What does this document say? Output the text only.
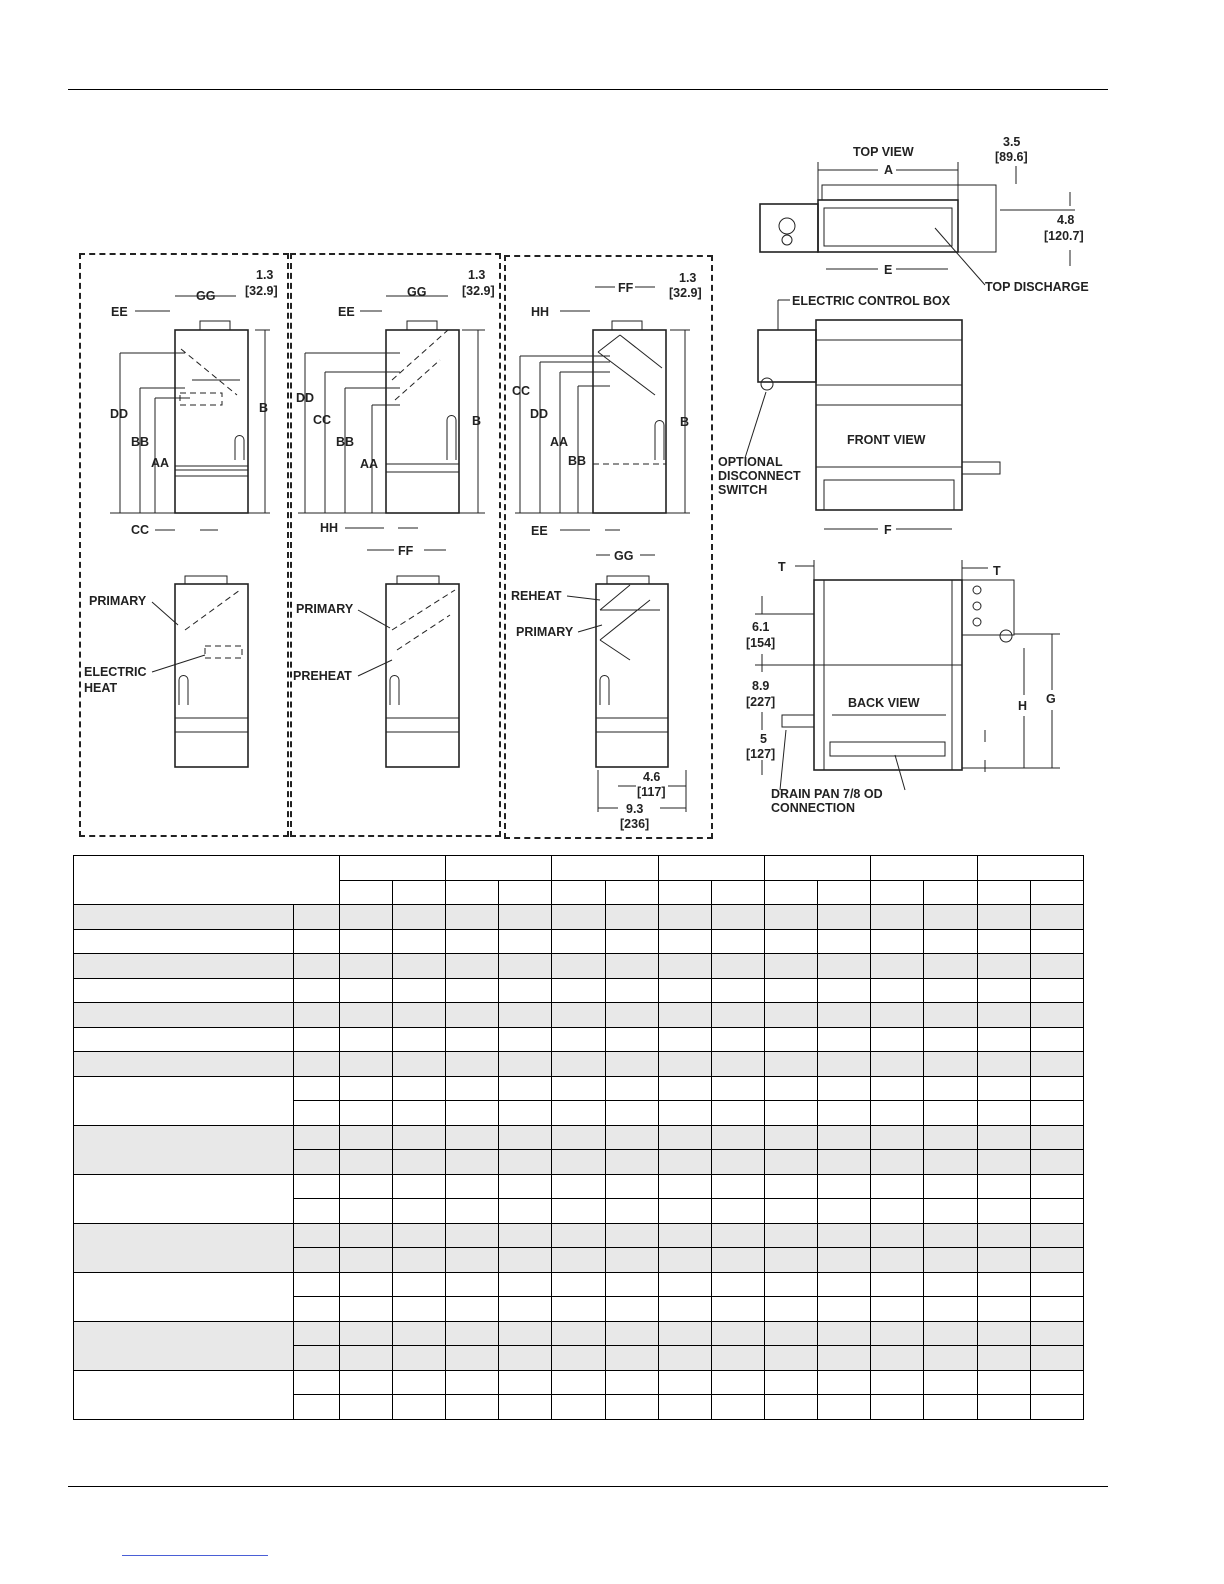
1.3
[32.9]
GG
EE
DD
BB
AA
B
CC
PRIMARY
ELECTRIC
HEAT
1.3
[32.9]
GG
EE
DD
CC
BB
AA
B
HH
FF
PRIMARY
PREHEAT
FF
1.3
[32.9]
HH
CC
DD
AA
BB
B
EE
GG
REHEAT
PRIMARY
4.6
[117]
9.3
[236]
TOP VIEW
A
3.5
[89.6]
4.8
[120.7]
E
TOP DISCHARGE
ELECTRIC CONTROL BOX
FRONT VIEW
OPTIONAL
DISCONNECT
SWITCH
F
T	T
6.1
[154]
8.9
[227]
5
[127]
BACK VIEW	H G
DRAIN PAN 7/8 OD
CONNECTION
